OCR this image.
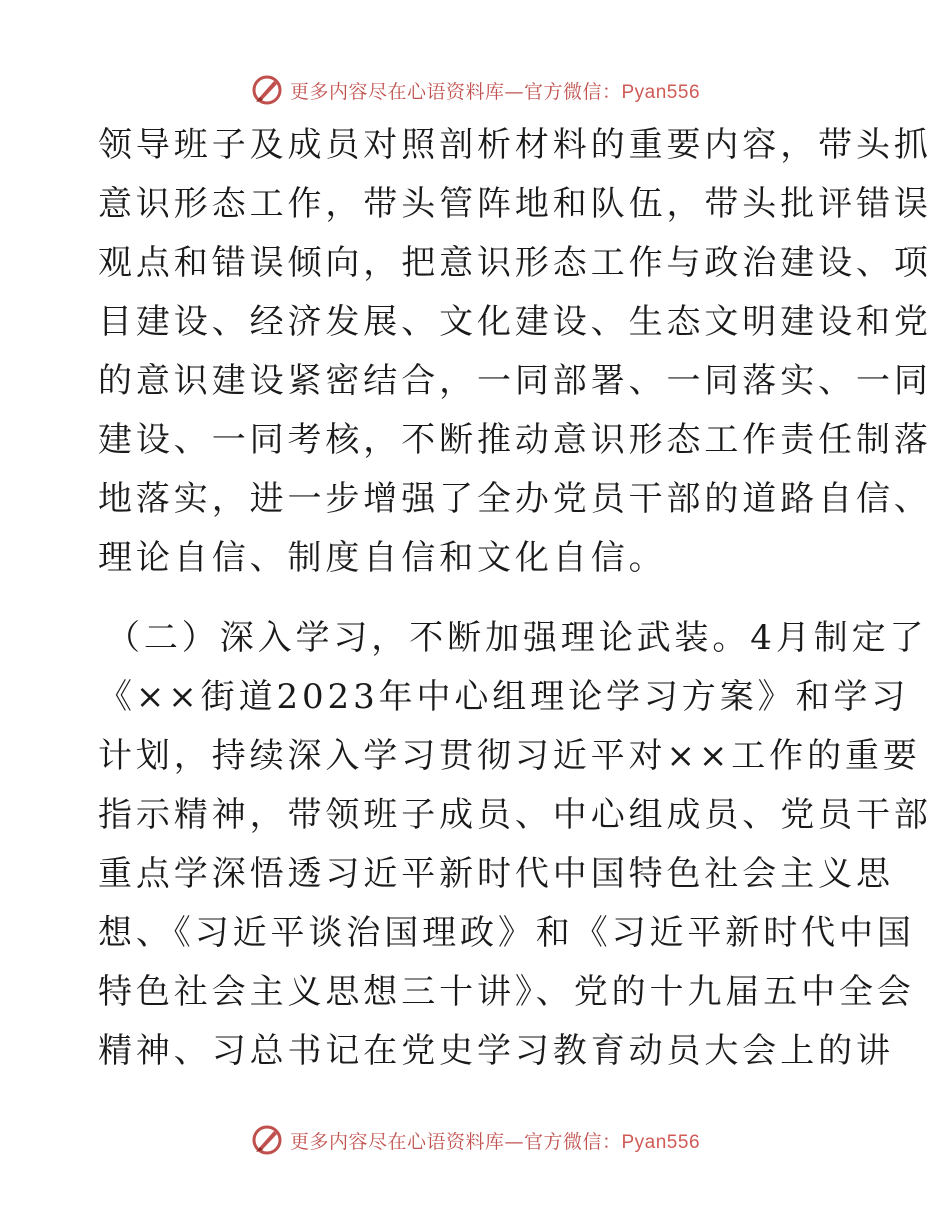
更多内容尽在心语资料库—官方微信：Pyan556
领导班子及成员对照剖析材料的重要内容，带头抓
意识形态工作，带头管阵地和队伍，带头批评错误
观点和错误倾向，把意识形态工作与政治建设、项
目建设、经济发展、文化建设、生态文明建设和党
的意识建设紧密结合，一同部署、一同落实、一同
建设、一同考核，不断推动意识形态工作责任制落
地落实，进一步增强了全办党员干部的道路自信、
理论自信、制度自信和文化自信。
（二）深入学习，不断加强理论武装。4月制定了
《××街道2023年中心组理论学习方案》和学习
计划，持续深入学习贯彻习近平对××工作的重要
指示精神，带领班子成员、中心组成员、党员干部
重点学深悟透习近平新时代中国特色社会主义思
想、《习近平谈治国理政》和《习近平新时代中国
特色社会主义思想三十讲》、党的十九届五中全会
精神、习总书记在党史学习教育动员大会上的讲
更多内容尽在心语资料库—官方微信：Pyan556
